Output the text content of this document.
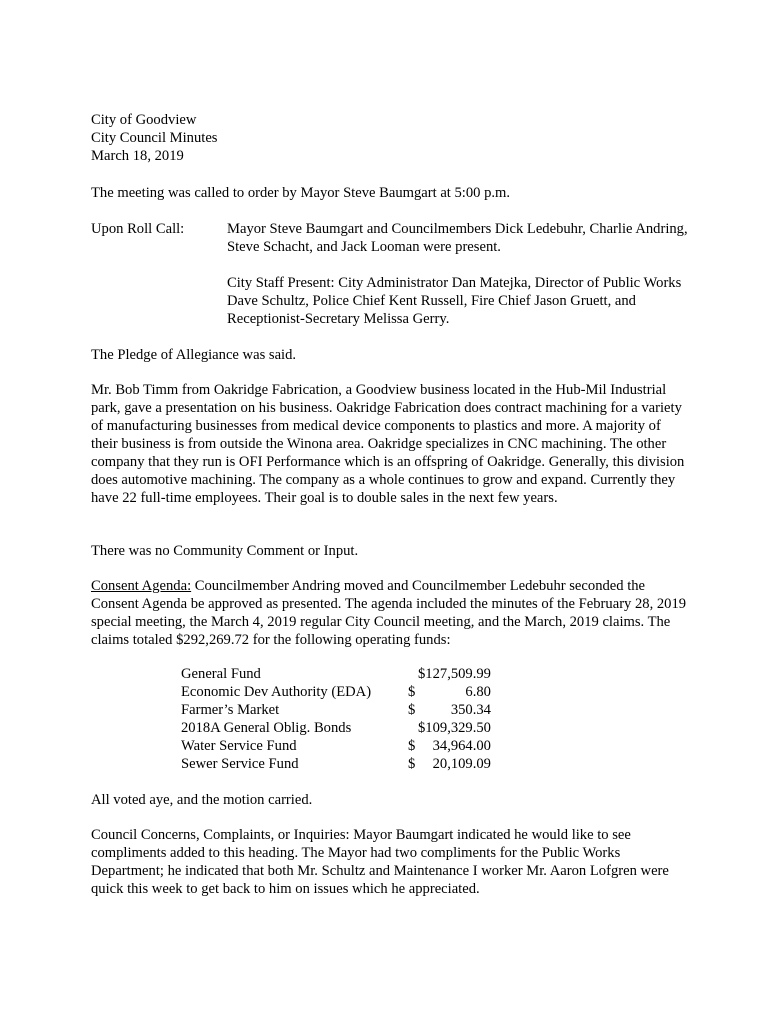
City of Goodview
City Council Minutes
March 18, 2019
The meeting was called to order by Mayor Steve Baumgart at 5:00 p.m.
Upon Roll Call:	Mayor Steve Baumgart and Councilmembers Dick Ledebuhr, Charlie Andring, Steve Schacht, and Jack Looman were present.
City Staff Present: City Administrator Dan Matejka, Director of Public Works Dave Schultz, Police Chief Kent Russell, Fire Chief Jason Gruett, and Receptionist-Secretary Melissa Gerry.
The Pledge of Allegiance was said.

Mr. Bob Timm from Oakridge Fabrication, a Goodview business located in the Hub-Mil Industrial park, gave a presentation on his business. Oakridge Fabrication does contract machining for a variety of manufacturing businesses from medical device components to plastics and more. A majority of their business is from outside the Winona area. Oakridge specializes in CNC machining. The other company that they run is OFI Performance which is an offspring of Oakridge. Generally, this division does automotive machining. The company as a whole continues to grow and expand. Currently they have 22 full-time employees. Their goal is to double sales in the next few years.

There was no Community Comment or Input.

Consent Agenda: Councilmember Andring moved and Councilmember Ledebuhr seconded the Consent Agenda be approved as presented. The agenda included the minutes of the February 28, 2019 special meeting, the March 4, 2019 regular City Council meeting, and the March, 2019 claims. The claims totaled $292,269.72 for the following operating funds:

General Fund		$127,509.99
Economic Dev Authority (EDA)	$	6.80
Farmer’s Market	$	350.34
2018A General Oblig. Bonds		$109,329.50
Water Service Fund	$	34,964.00
Sewer Service Fund	$	20,109.09
All voted aye, and the motion carried.

Council Concerns, Complaints, or Inquiries: Mayor Baumgart indicated he would like to see compliments added to this heading. The Mayor had two compliments for the Public Works Department; he indicated that both Mr. Schultz and Maintenance I worker Mr. Aaron Lofgren were quick this week to get back to him on issues which he appreciated.
